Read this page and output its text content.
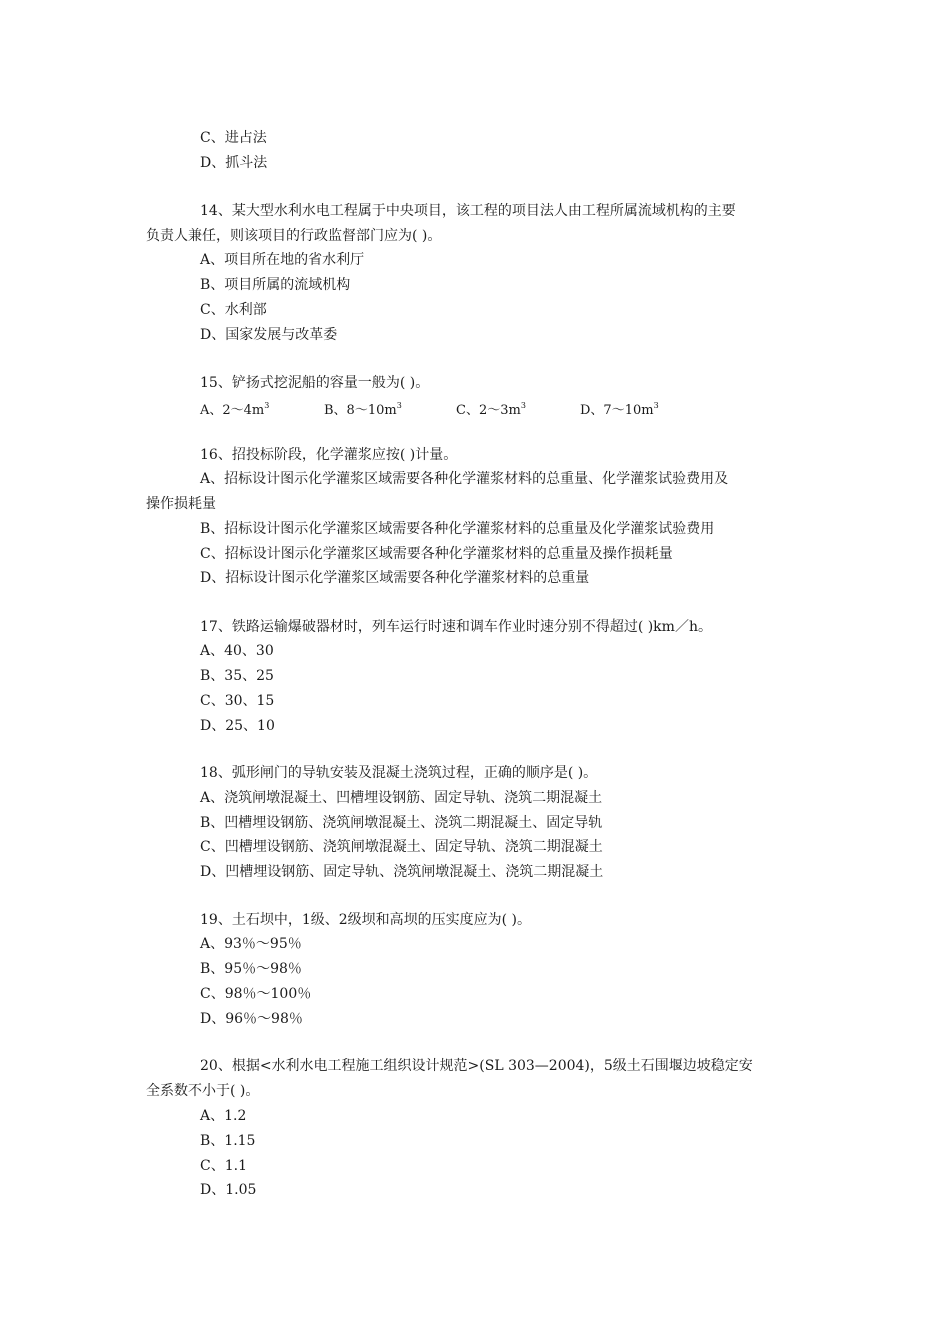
C、进占法
D、抓斗法
14、某大型水利水电工程属于中央项目，该工程的项目法人由工程所属流域机构的主要
负责人兼任，则该项目的行政监督部门应为( )。
A、项目所在地的省水利厅
B、项目所属的流域机构
C、水利部
D、国家发展与改革委
15、铲扬式挖泥船的容量一般为( )。
A、$2\sim 4m^3$	B、$8\sim 10m^3$	C、$2\sim 3m^3$	D、$7\sim 10m^3$
16、招投标阶段，化学灌浆应按( )计量。
A、招标设计图示化学灌浆区域需要各种化学灌浆材料的总重量、化学灌浆试验费用及
操作损耗量
B、招标设计图示化学灌浆区域需要各种化学灌浆材料的总重量及化学灌浆试验费用
C、招标设计图示化学灌浆区域需要各种化学灌浆材料的总重量及操作损耗量
D、招标设计图示化学灌浆区域需要各种化学灌浆材料的总重量
17、铁路运输爆破器材时，列车运行时速和调车作业时速分别不得超过( )km／h。
A、40、30
B、35、25
C、30、15
D、25、10
18、弧形闸门的导轨安装及混凝土浇筑过程，正确的顺序是( )。
A、浇筑闸墩混凝土、凹槽埋设钢筋、固定导轨、浇筑二期混凝土
B、凹槽埋设钢筋、浇筑闸墩混凝土、浇筑二期混凝土、固定导轨
C、凹槽埋设钢筋、浇筑闸墩混凝土、固定导轨、浇筑二期混凝土
D、凹槽埋设钢筋、固定导轨、浇筑闸墩混凝土、浇筑二期混凝土
19、土石坝中，1级、2级坝和高坝的压实度应为( )。
A、93％～95％
B、95％～98％
C、98％～100％
D、96％～98％
20、根据<水利水电工程施工组织设计规范>(SL 303—2004)，5级土石围堰边坡稳定安
全系数不小于( )。
A、1.2
B、1.15
C、1.1
D、1.05
